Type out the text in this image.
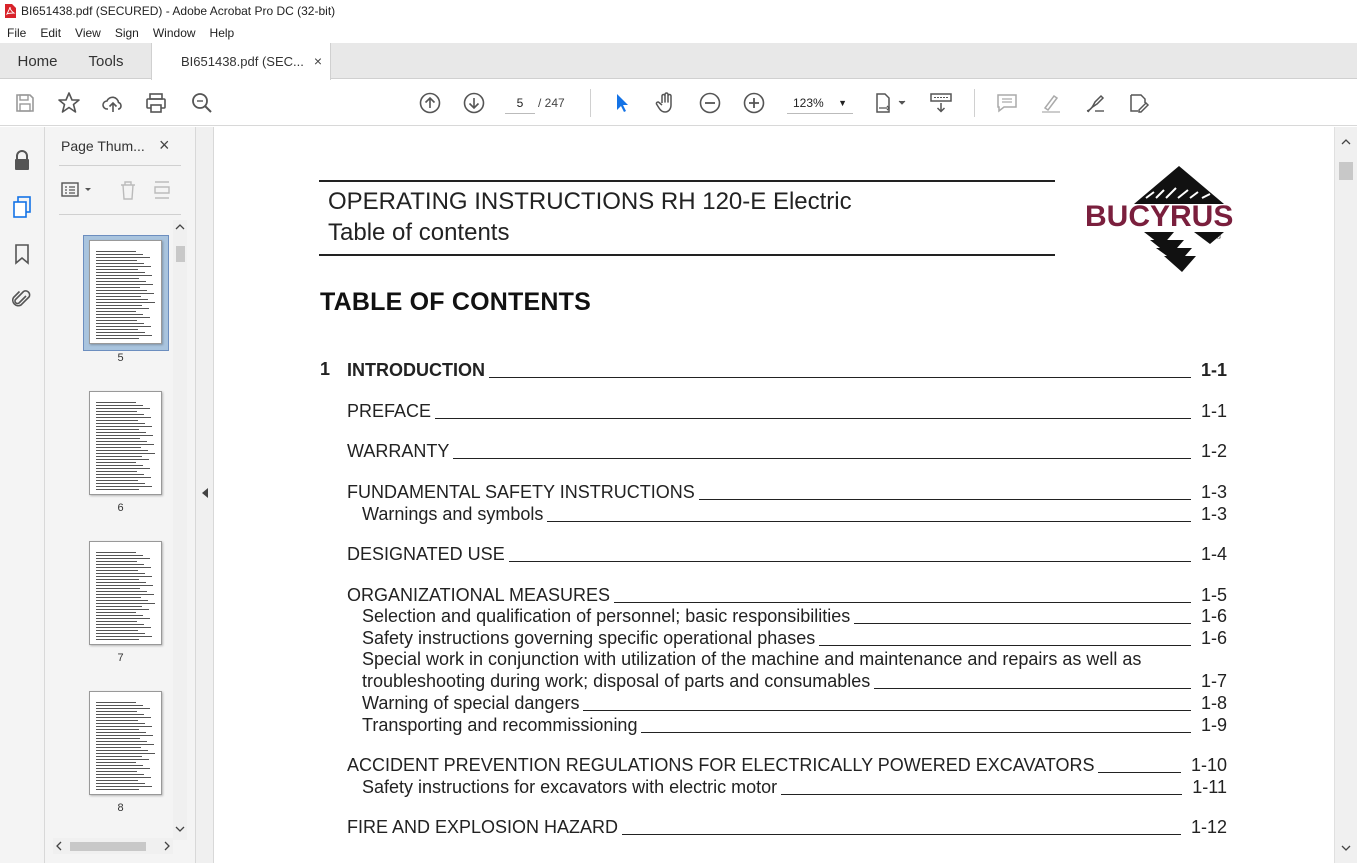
BI651438.pdf (SECURED) - Adobe Acrobat Pro DC (32-bit)
File	Edit	View	Sign	Window	Help
Home	Tools	BI651438.pdf (SEC... ×
5	/ 247	123% ▼
Page Thum... ×
5
6
7
8
OPERATING INSTRUCTIONS RH 120-E Electric
Table of contents	BUCYRUS
®
TABLE OF CONTENTS
1 INTRODUCTION	1-1
PREFACE	1-1
WARRANTY	1-2
FUNDAMENTAL SAFETY INSTRUCTIONS	1-3
Warnings and symbols	1-3
DESIGNATED USE	1-4
ORGANIZATIONAL MEASURES	1-5
Selection and qualification of personnel; basic responsibilities	1-6
Safety instructions governing specific operational phases	1-6
Special work in conjunction with utilization of the machine and maintenance and repairs as well as
troubleshooting during work; disposal of parts and consumables	1-7
Warning of special dangers	1-8
Transporting and recommissioning	1-9
ACCIDENT PREVENTION REGULATIONS FOR ELECTRICALLY POWERED EXCAVATORS	1-10
Safety instructions for excavators with electric motor	1-11
FIRE AND EXPLOSION HAZARD	1-12
